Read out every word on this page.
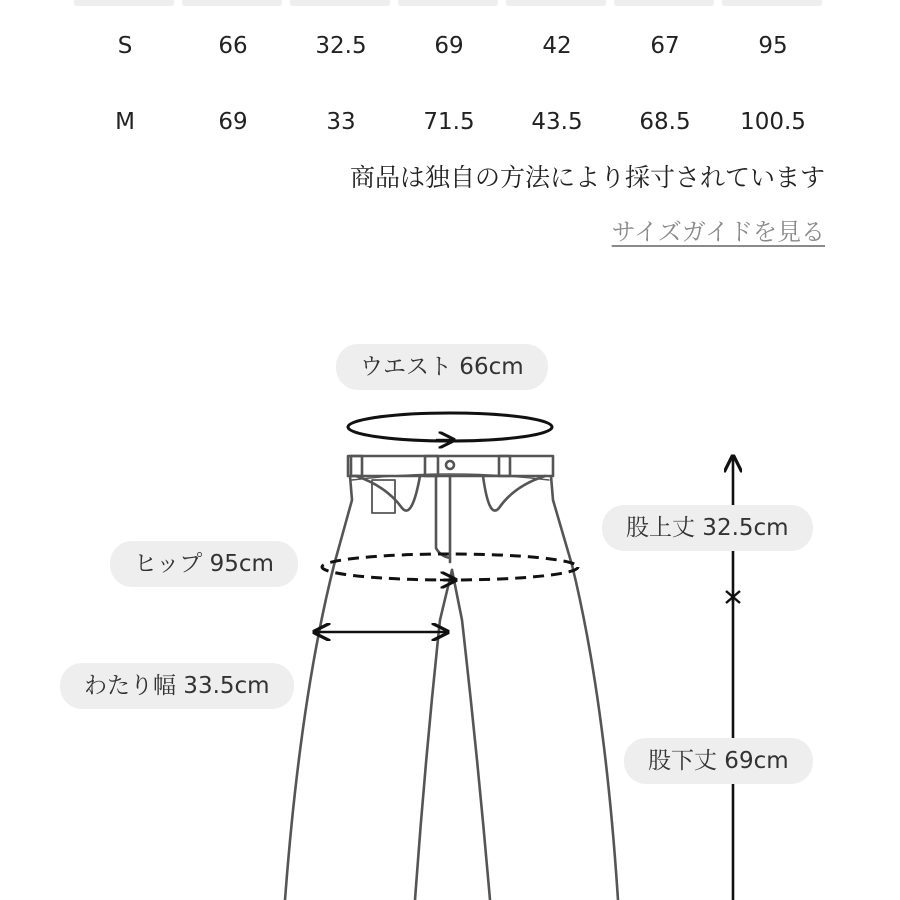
S	66	32.5	69	42	67	95
M	69	33	71.5	43.5	68.5	100.5
商品は独自の方法により採寸されています
サイズガイドを見る
ウエスト 66cm
ヒップ 95cm
わたり幅 33.5cm
股上丈 32.5cm
股下丈 69cm
